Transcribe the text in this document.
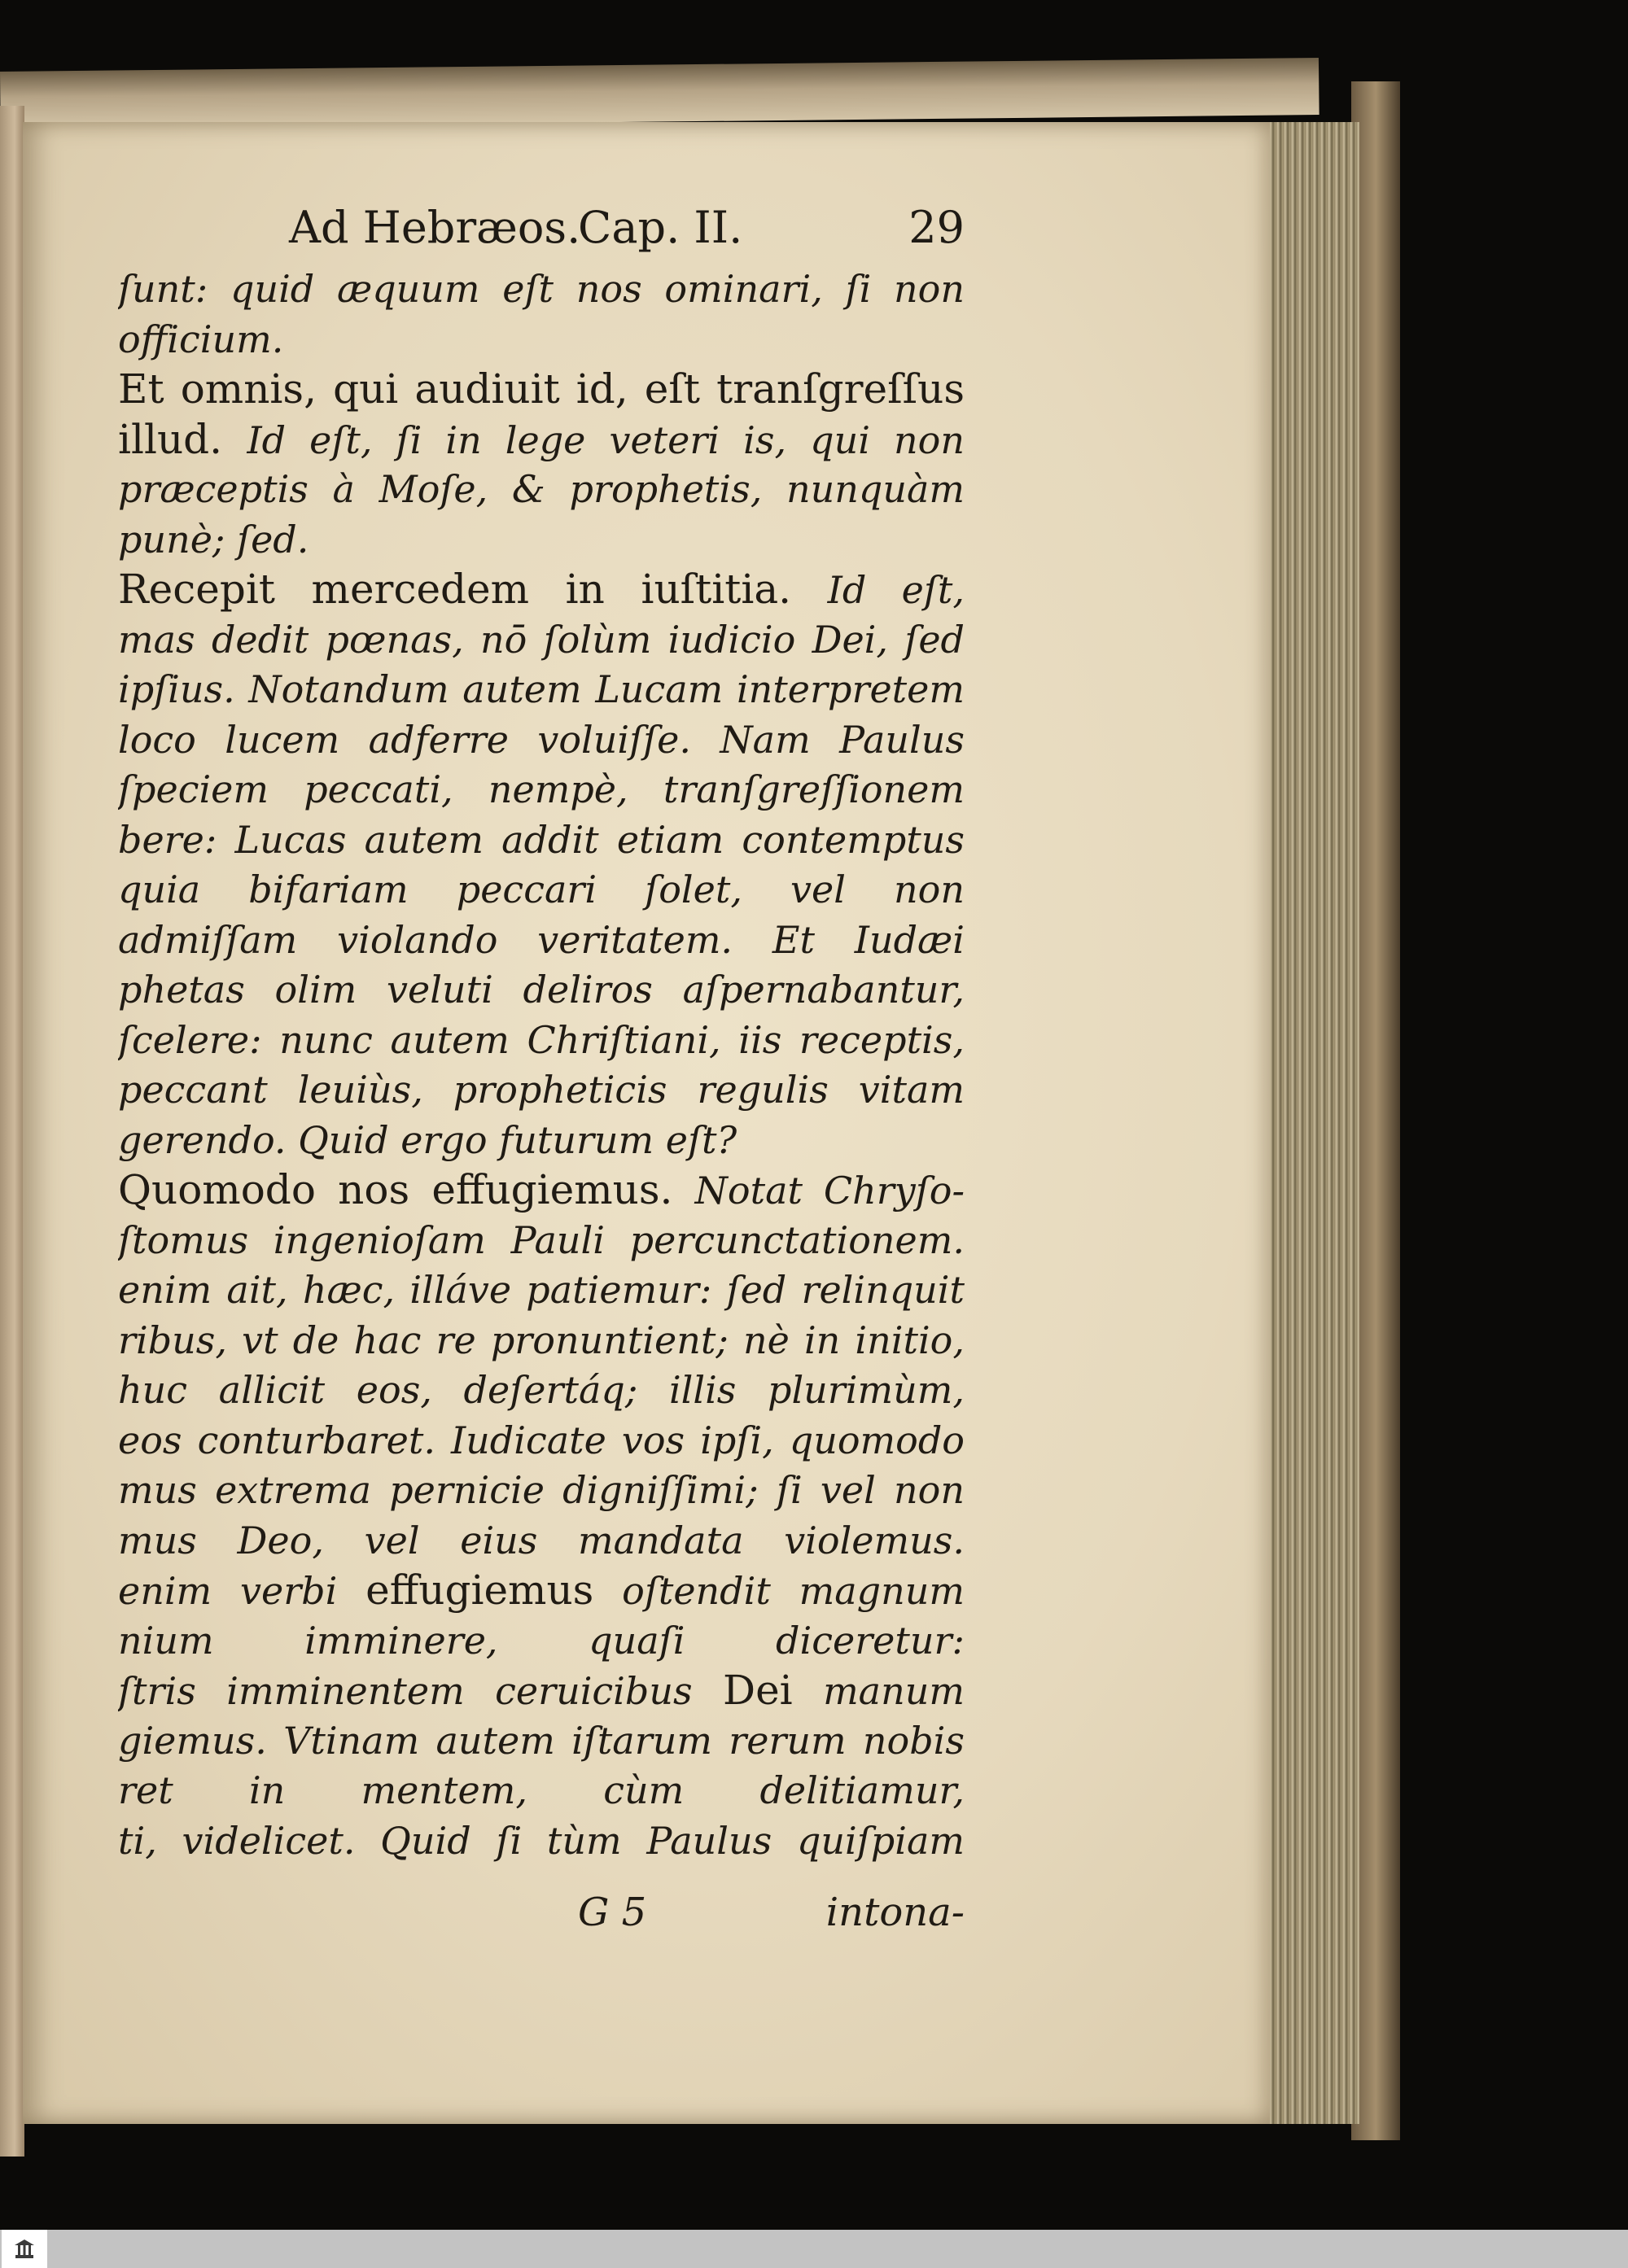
Ad Hebræos.
Cap. II.	29
ſunt: quid æquum eſt nos ominari, ſi non
officium.
Et omnis, qui audiuit id, eſt tranſgreſſus
illud. Id eſt, ſi in lege veteri is, qui non
præceptis à Moſe, & prophetis, nunquàm
punè; ſed.
Recepit mercedem in iuſtitia. Id eſt,
mas dedit pœnas, nō ſolùm iudicio Dei, ſed
ipſius. Notandum autem Lucam interpretem
loco lucem adferre voluiſſe. Nam Paulus
ſpeciem peccati, nempè, tranſgreſſionem
bere: Lucas autem addit etiam contemptus
quia bifariam peccari ſolet, vel non
admiſſam violando veritatem. Et Iudæi
phetas olim veluti deliros aſpernabantur,
ſcelere: nunc autem Chriſtiani, iis receptis,
peccant leuiùs, propheticis regulis vitam
gerendo. Quid ergo futurum eſt?
Quomodo nos effugiemus. Notat Chryſo-
ſtomus ingenioſam Pauli percunctationem.
enim ait, hæc, illáve patiemur: ſed relinquit
ribus, vt de hac re pronuntient; nè in initio,
huc allicit eos, deſertáq; illis plurimùm,
eos conturbaret. Iudicate vos ipſi, quomodo
mus extrema pernicie digniſſimi; ſi vel non
mus Deo, vel eius mandata violemus.
enim verbi effugiemus oſtendit magnum
nium imminere, quaſi diceretur:
ſtris imminentem ceruicibus Dei manum
giemus. Vtinam autem iſtarum rerum nobis
ret in mentem, cùm delitiamur,
ti, videlicet. Quid ſi tùm Paulus quiſpiam
G 5	intona-
